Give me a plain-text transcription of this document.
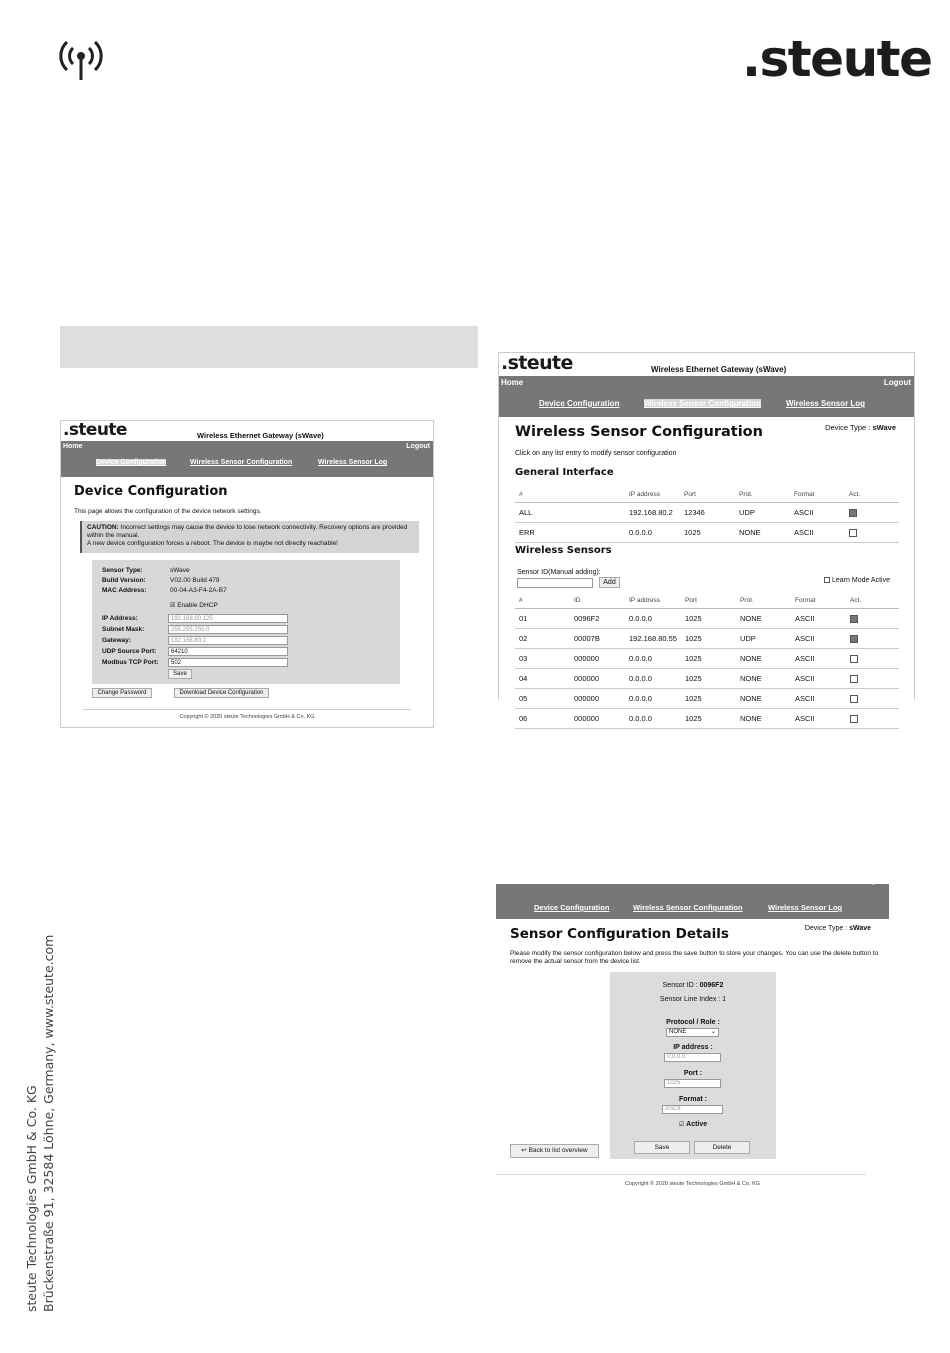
.steute
steute Technologies GmbH & Co. KG Brückenstraße 91, 32584 Löhne, Germany, www.steute.com
.steute	Wireless Ethernet Gateway (sWave)
Home	Logout
Device Configuration	Wireless Sensor Configuration	Wireless Sensor Log
Device Configuration
This page allows the configuration of the device network settings.
CAUTION: Incorrect settings may cause the device to lose network connectivity. Recovery options are provided within the manual.
A new device configuration forces a reboot. The device is maybe not directly reachable!
Sensor Type:	sWave
Build Version:	V02.00 Build 479
MAC Address:	00-04-A3-F4-2A-B7
☒ Enable DHCP
IP Address:	192.168.90.125
Subnet Mask:	255.255.255.0
Gateway:	192.168.80.2
UDP Source Port: 64210
Modbus TCP Port: 502
Save
Change Password	Download Device Configuration
Copyright © 2020 steute Technologies GmbH & Co. KG
.steute	Wireless Ethernet Gateway (sWave)
Home	Logout
Device Configuration	Wireless Sensor Configuration	Wireless Sensor Log
Wireless Sensor Configuration	Device Type : sWave
Click on any list entry to modify sensor configuration
General Interface
#	IP address	Port	Prot.	Format	Act.
ALL	192.168.80.2	12346	UDP	ASCII	
ERR	0.0.0.0	1025	NONE	ASCII	
Wireless Sensors
Sensor ID(Manual adding):
Add	Learn Mode Active
#	ID	IP address	Port	Prot.	Format	Act.
01	0096F2	0.0.0.0	1025	NONE	ASCII	
02	00007B	192.168.80.55	1025	UDP	ASCII	
03	000000	0.0.0.0	1025	NONE	ASCII	
04	000000	0.0.0.0	1025	NONE	ASCII	
05	000000	0.0.0.0	1025	NONE	ASCII	
06	000000	0.0.0.0	1025	NONE	ASCII	
Home	Logout
Device Configuration	Wireless Sensor Configuration	Wireless Sensor Log
Sensor Configuration Details	Device Type : sWave
Please modify the sensor configuration below and press the save button to store your changes. You can use the delete button to remove the actual sensor from the device list.
Sensor ID : 0096F2
Sensor Line Index : 1
Protocol / Role :
NONE	⌄
IP address :
0.0.0.0
Port :
1025
Format :
ASCII
☑ Active
Save	Delete
↩ Back to list overview
Copyright © 2020 steute Technologies GmbH & Co. KG
